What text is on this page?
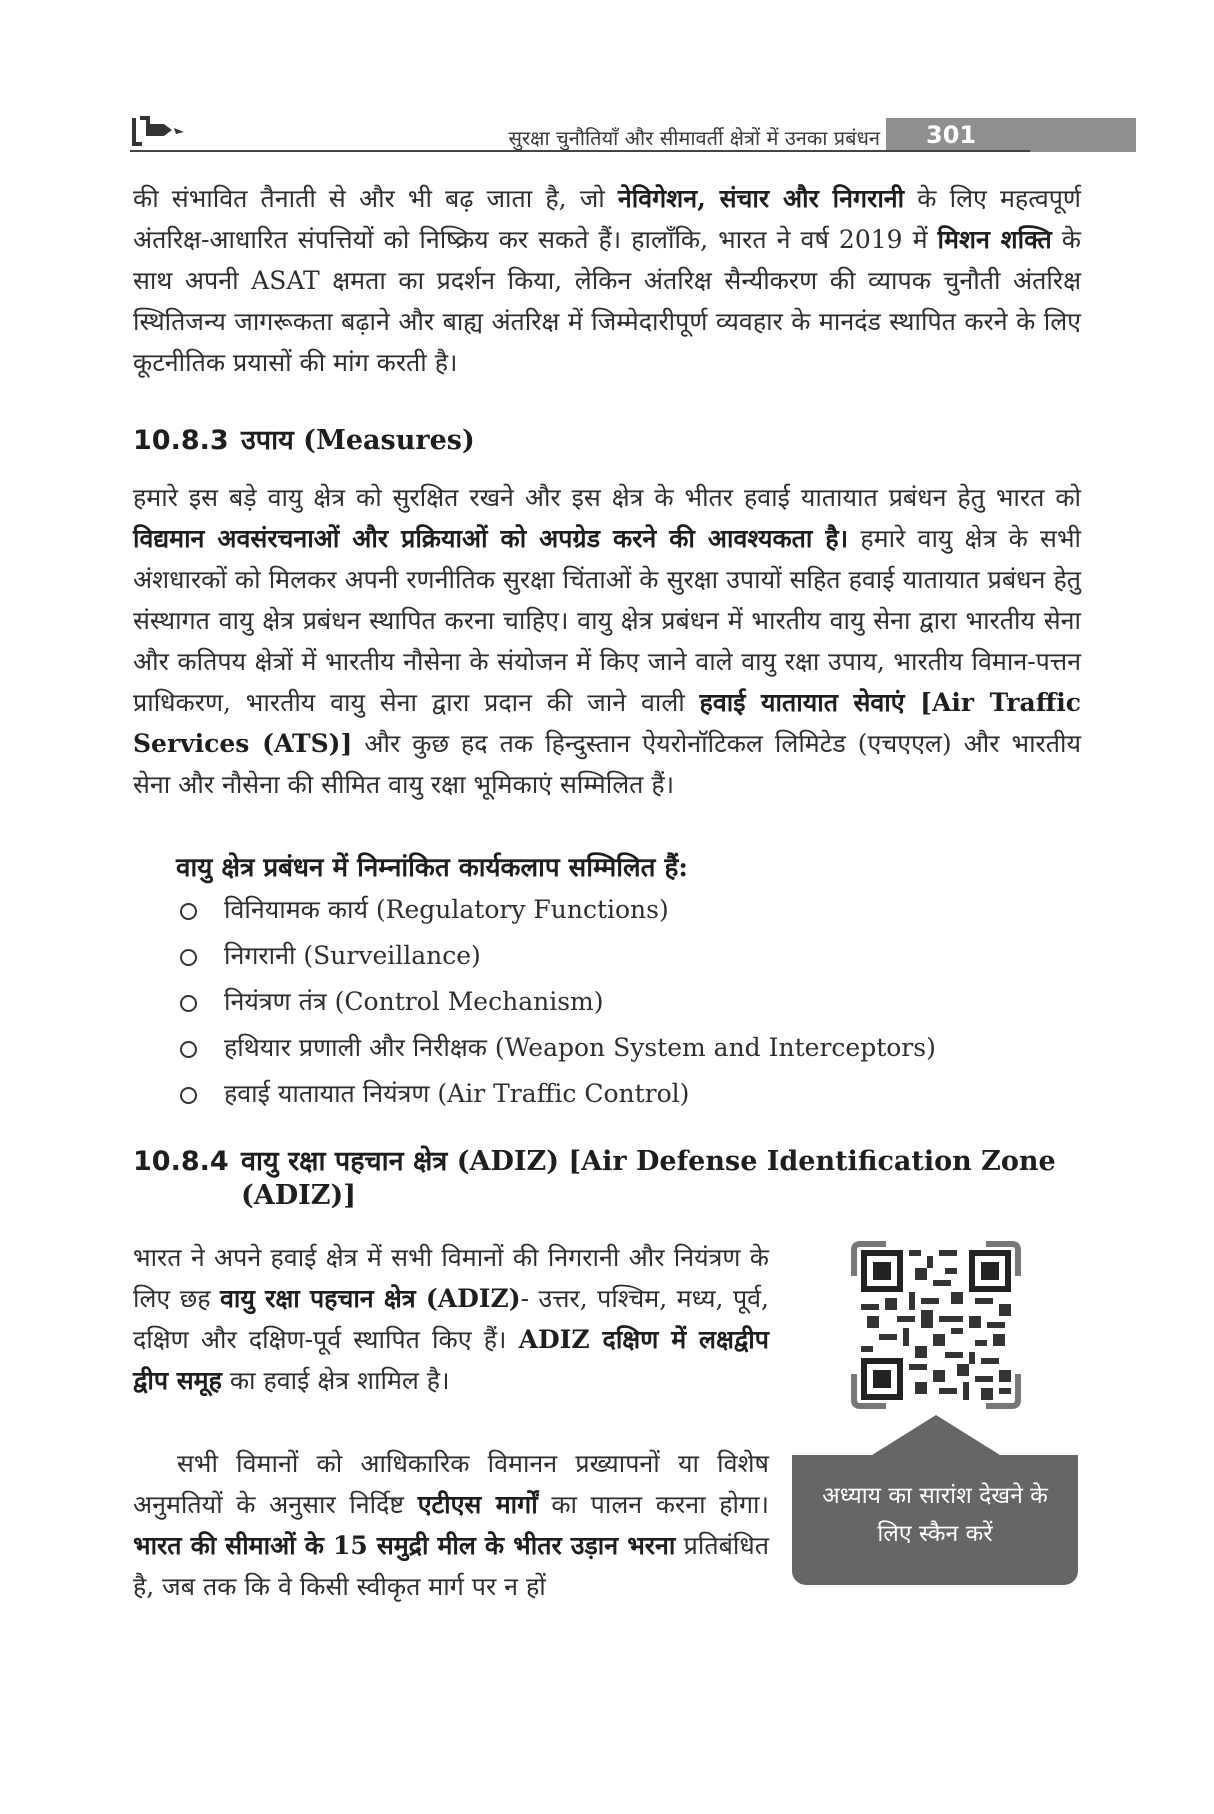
सुरक्षा चुनौतियाँ और सीमावर्ती क्षेत्रों में उनका प्रबंधन 301

की संभावित तैनाती से और भी बढ़ जाता है, जो नेविगेशन, संचार और निगरानी के लिए महत्वपूर्ण अंतरिक्ष-आधारित संपत्तियों को निष्क्रिय कर सकते हैं। हालाँकि, भारत ने वर्ष 2019 में मिशन शक्ति के साथ अपनी ASAT क्षमता का प्रदर्शन किया, लेकिन अंतरिक्ष सैन्यीकरण की व्यापक चुनौती अंतरिक्ष स्थितिजन्य जागरूकता बढ़ाने और बाह्य अंतरिक्ष में जिम्मेदारीपूर्ण व्यवहार के मानदंड स्थापित करने के लिए कूटनीतिक प्रयासों की मांग करती है।

10.8.3 उपाय (Measures)

हमारे इस बड़े वायु क्षेत्र को सुरक्षित रखने और इस क्षेत्र के भीतर हवाई यातायात प्रबंधन हेतु भारत को विद्यमान अवसंरचनाओं और प्रक्रियाओं को अपग्रेड करने की आवश्यकता है। हमारे वायु क्षेत्र के सभी अंशधारकों को मिलकर अपनी रणनीतिक सुरक्षा चिंताओं के सुरक्षा उपायों सहित हवाई यातायात प्रबंधन हेतु संस्थागत वायु क्षेत्र प्रबंधन स्थापित करना चाहिए। वायु क्षेत्र प्रबंधन में भारतीय वायु सेना द्वारा भारतीय सेना और कतिपय क्षेत्रों में भारतीय नौसेना के संयोजन में किए जाने वाले वायु रक्षा उपाय, भारतीय विमान-पत्तन प्राधिकरण, भारतीय वायु सेना द्वारा प्रदान की जाने वाली हवाई यातायात सेवाएं [Air Traffic Services (ATS)] और कुछ हद तक हिन्दुस्तान ऐयरोनॉटिकल लिमिटेड (एचएएल) और भारतीय सेना और नौसेना की सीमित वायु रक्षा भूमिकाएं सम्मिलित हैं।

वायु क्षेत्र प्रबंधन में निम्नांकित कार्यकलाप सम्मिलित हैं:
विनियामक कार्य (Regulatory Functions)
निगरानी (Surveillance)
नियंत्रण तंत्र (Control Mechanism)
हथियार प्रणाली और निरीक्षक (Weapon System and Interceptors)
हवाई यातायात नियंत्रण (Air Traffic Control)
10.8.4 वायु रक्षा पहचान क्षेत्र (ADIZ) [Air Defense Identification Zone
(ADIZ)]

भारत ने अपने हवाई क्षेत्र में सभी विमानों की निगरानी और नियंत्रण के लिए छह वायु रक्षा पहचान क्षेत्र (ADIZ)- उत्तर, पश्चिम, मध्य, पूर्व, दक्षिण और दक्षिण-पूर्व स्थापित किए हैं। ADIZ दक्षिण में लक्षद्वीप द्वीप समूह का हवाई क्षेत्र शामिल है।

सभी विमानों को आधिकारिक विमानन प्रख्यापनों या विशेष अनुमतियों के अनुसार निर्दिष्ट एटीएस मार्गों का पालन करना होगा। भारत की सीमाओं के 15 समुद्री मील के भीतर उड़ान भरना प्रतिबंधित है, जब तक कि वे किसी स्वीकृत मार्ग पर न हों

अध्याय का सारांश देखने के लिए स्कैन करें
